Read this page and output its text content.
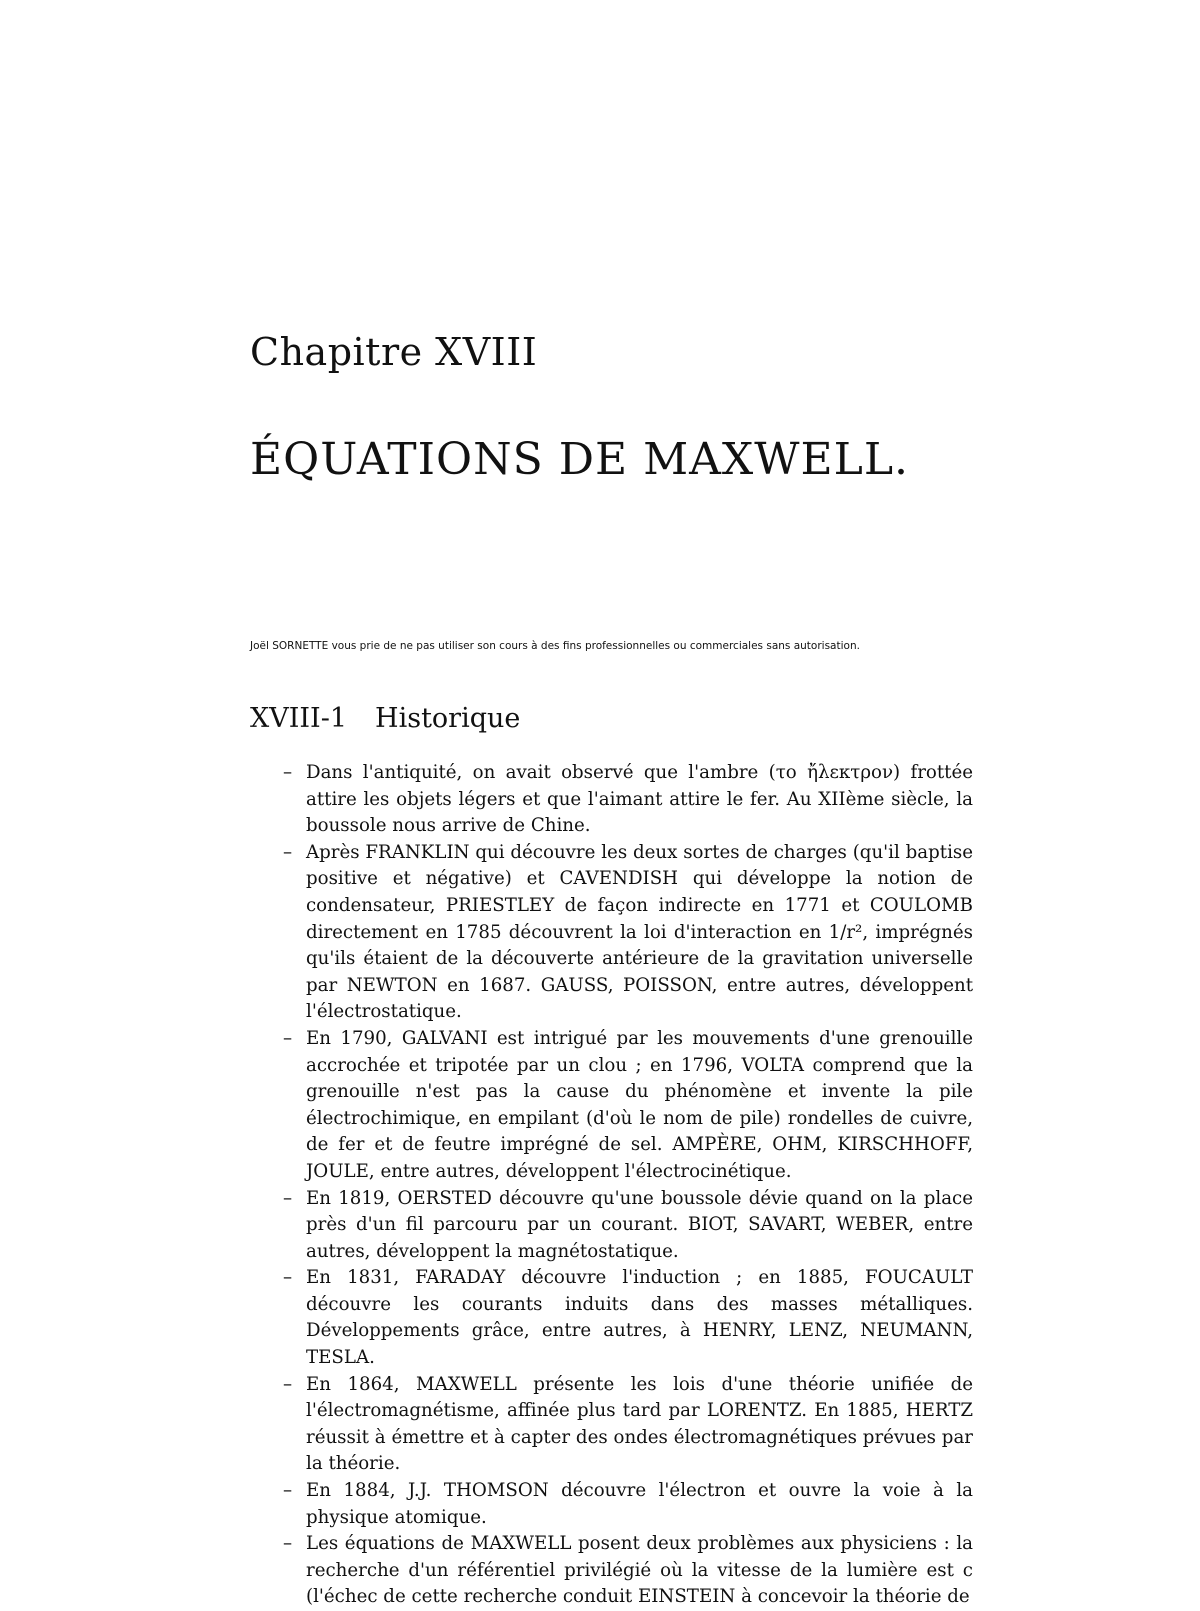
Chapitre XVIII
ÉQUATIONS DE MAXWELL.
Joël SORNETTE vous prie de ne pas utiliser son cours à des fins professionnelles ou commerciales sans autorisation.
XVIII-1 Historique
– Dans l'antiquité, on avait observé que l'ambre (το ἤλεκτρον) frottée attire les objets légers et que l'aimant attire le fer. Au XIIème siècle, la boussole nous arrive de Chine.
– Après FRANKLIN qui découvre les deux sortes de charges (qu'il baptise positive et négative) et CAVENDISH qui développe la notion de condensateur, PRIESTLEY de façon indirecte en 1771 et COULOMB directement en 1785 découvrent la loi d'interaction en 1/r², imprégnés qu'ils étaient de la découverte antérieure de la gravitation universelle par NEWTON en 1687. GAUSS, POISSON, entre autres, développent l'électrostatique.
– En 1790, GALVANI est intrigué par les mouvements d'une grenouille accrochée et tripotée par un clou ; en 1796, VOLTA comprend que la grenouille n'est pas la cause du phénomène et invente la pile électrochimique, en empilant (d'où le nom de pile) rondelles de cuivre, de fer et de feutre imprégné de sel. AMPÈRE, OHM, KIRSCHHOFF, JOULE, entre autres, développent l'électrocinétique.
– En 1819, OERSTED découvre qu'une boussole dévie quand on la place près d'un fil parcouru par un courant. BIOT, SAVART, WEBER, entre autres, développent la magnétostatique.
– En 1831, FARADAY découvre l'induction ; en 1885, FOUCAULT découvre les courants induits dans des masses métalliques. Développements grâce, entre autres, à HENRY, LENZ, NEUMANN, TESLA.
– En 1864, MAXWELL présente les lois d'une théorie unifiée de l'électromagnétisme, affinée plus tard par LORENTZ. En 1885, HERTZ réussit à émettre et à capter des ondes électromagnétiques prévues par la théorie.
– En 1884, J.J. THOMSON découvre l'électron et ouvre la voie à la physique atomique.
– Les équations de MAXWELL posent deux problèmes aux physiciens : la recherche d'un référentiel privilégié où la vitesse de la lumière est c (l'échec de cette recherche conduit EINSTEIN à concevoir la théorie de
